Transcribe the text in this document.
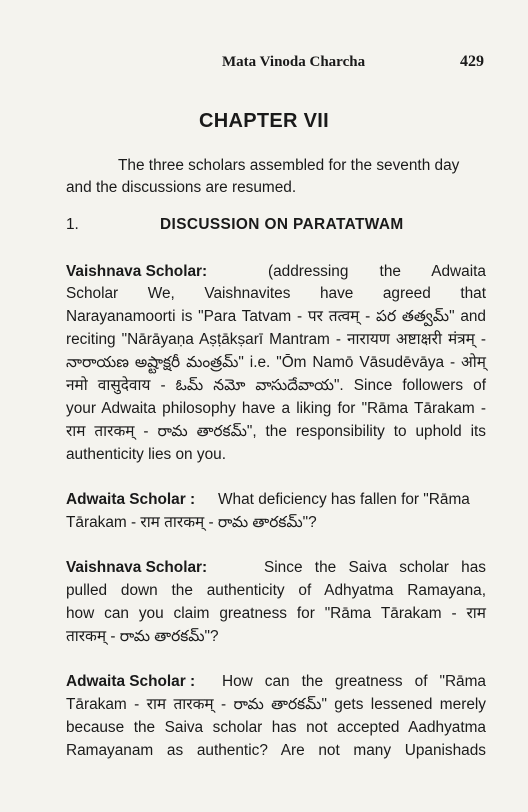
Mata Vinoda Charcha	429
CHAPTER VII
The three scholars assembled for the seventh day
and the discussions are resumed.
1.	DISCUSSION ON PARATATWAM
Vaishnava Scholar:	(addressing the Adwaita
Scholar We, Vaishnavites have agreed that
Narayanamoorti is "Para Tatvam - पर तत्वम् - పర తత్వమ్" and
reciting "Nārāyaṇa Aṣṭākṣarī Mantram - नारायण अष्टाक्षरी मंत्रम् -
నారాయణ అష్టాక్షరీ మంత్రమ్" i.e. "Ōm Namō Vāsudēvāya - ओम्
नमो वासुदेवाय - ఓమ్ నమో వాసుదేవాయ". Since followers of
your Adwaita philosophy have a liking for "Rāma Tārakam -
राम तारकम् - రామ తారకమ్", the responsibility to uphold its
authenticity lies on you.
Adwaita Scholar : What deficiency has fallen for "Rāma
Tārakam - राम तारकम् - రామ తారకమ్"?
Vaishnava Scholar:	Since the Saiva scholar has
pulled down the authenticity of Adhyatma Ramayana,
how can you claim greatness for "Rāma Tārakam - राम
तारकम् - రామ తారకమ్"?
Adwaita Scholar : How can the greatness of "Rāma
Tārakam - राम तारकम् - రామ తారకమ్" gets lessened merely
because the Saiva scholar has not accepted Aadhyatma
Ramayanam as authentic? Are not many Upanishads
